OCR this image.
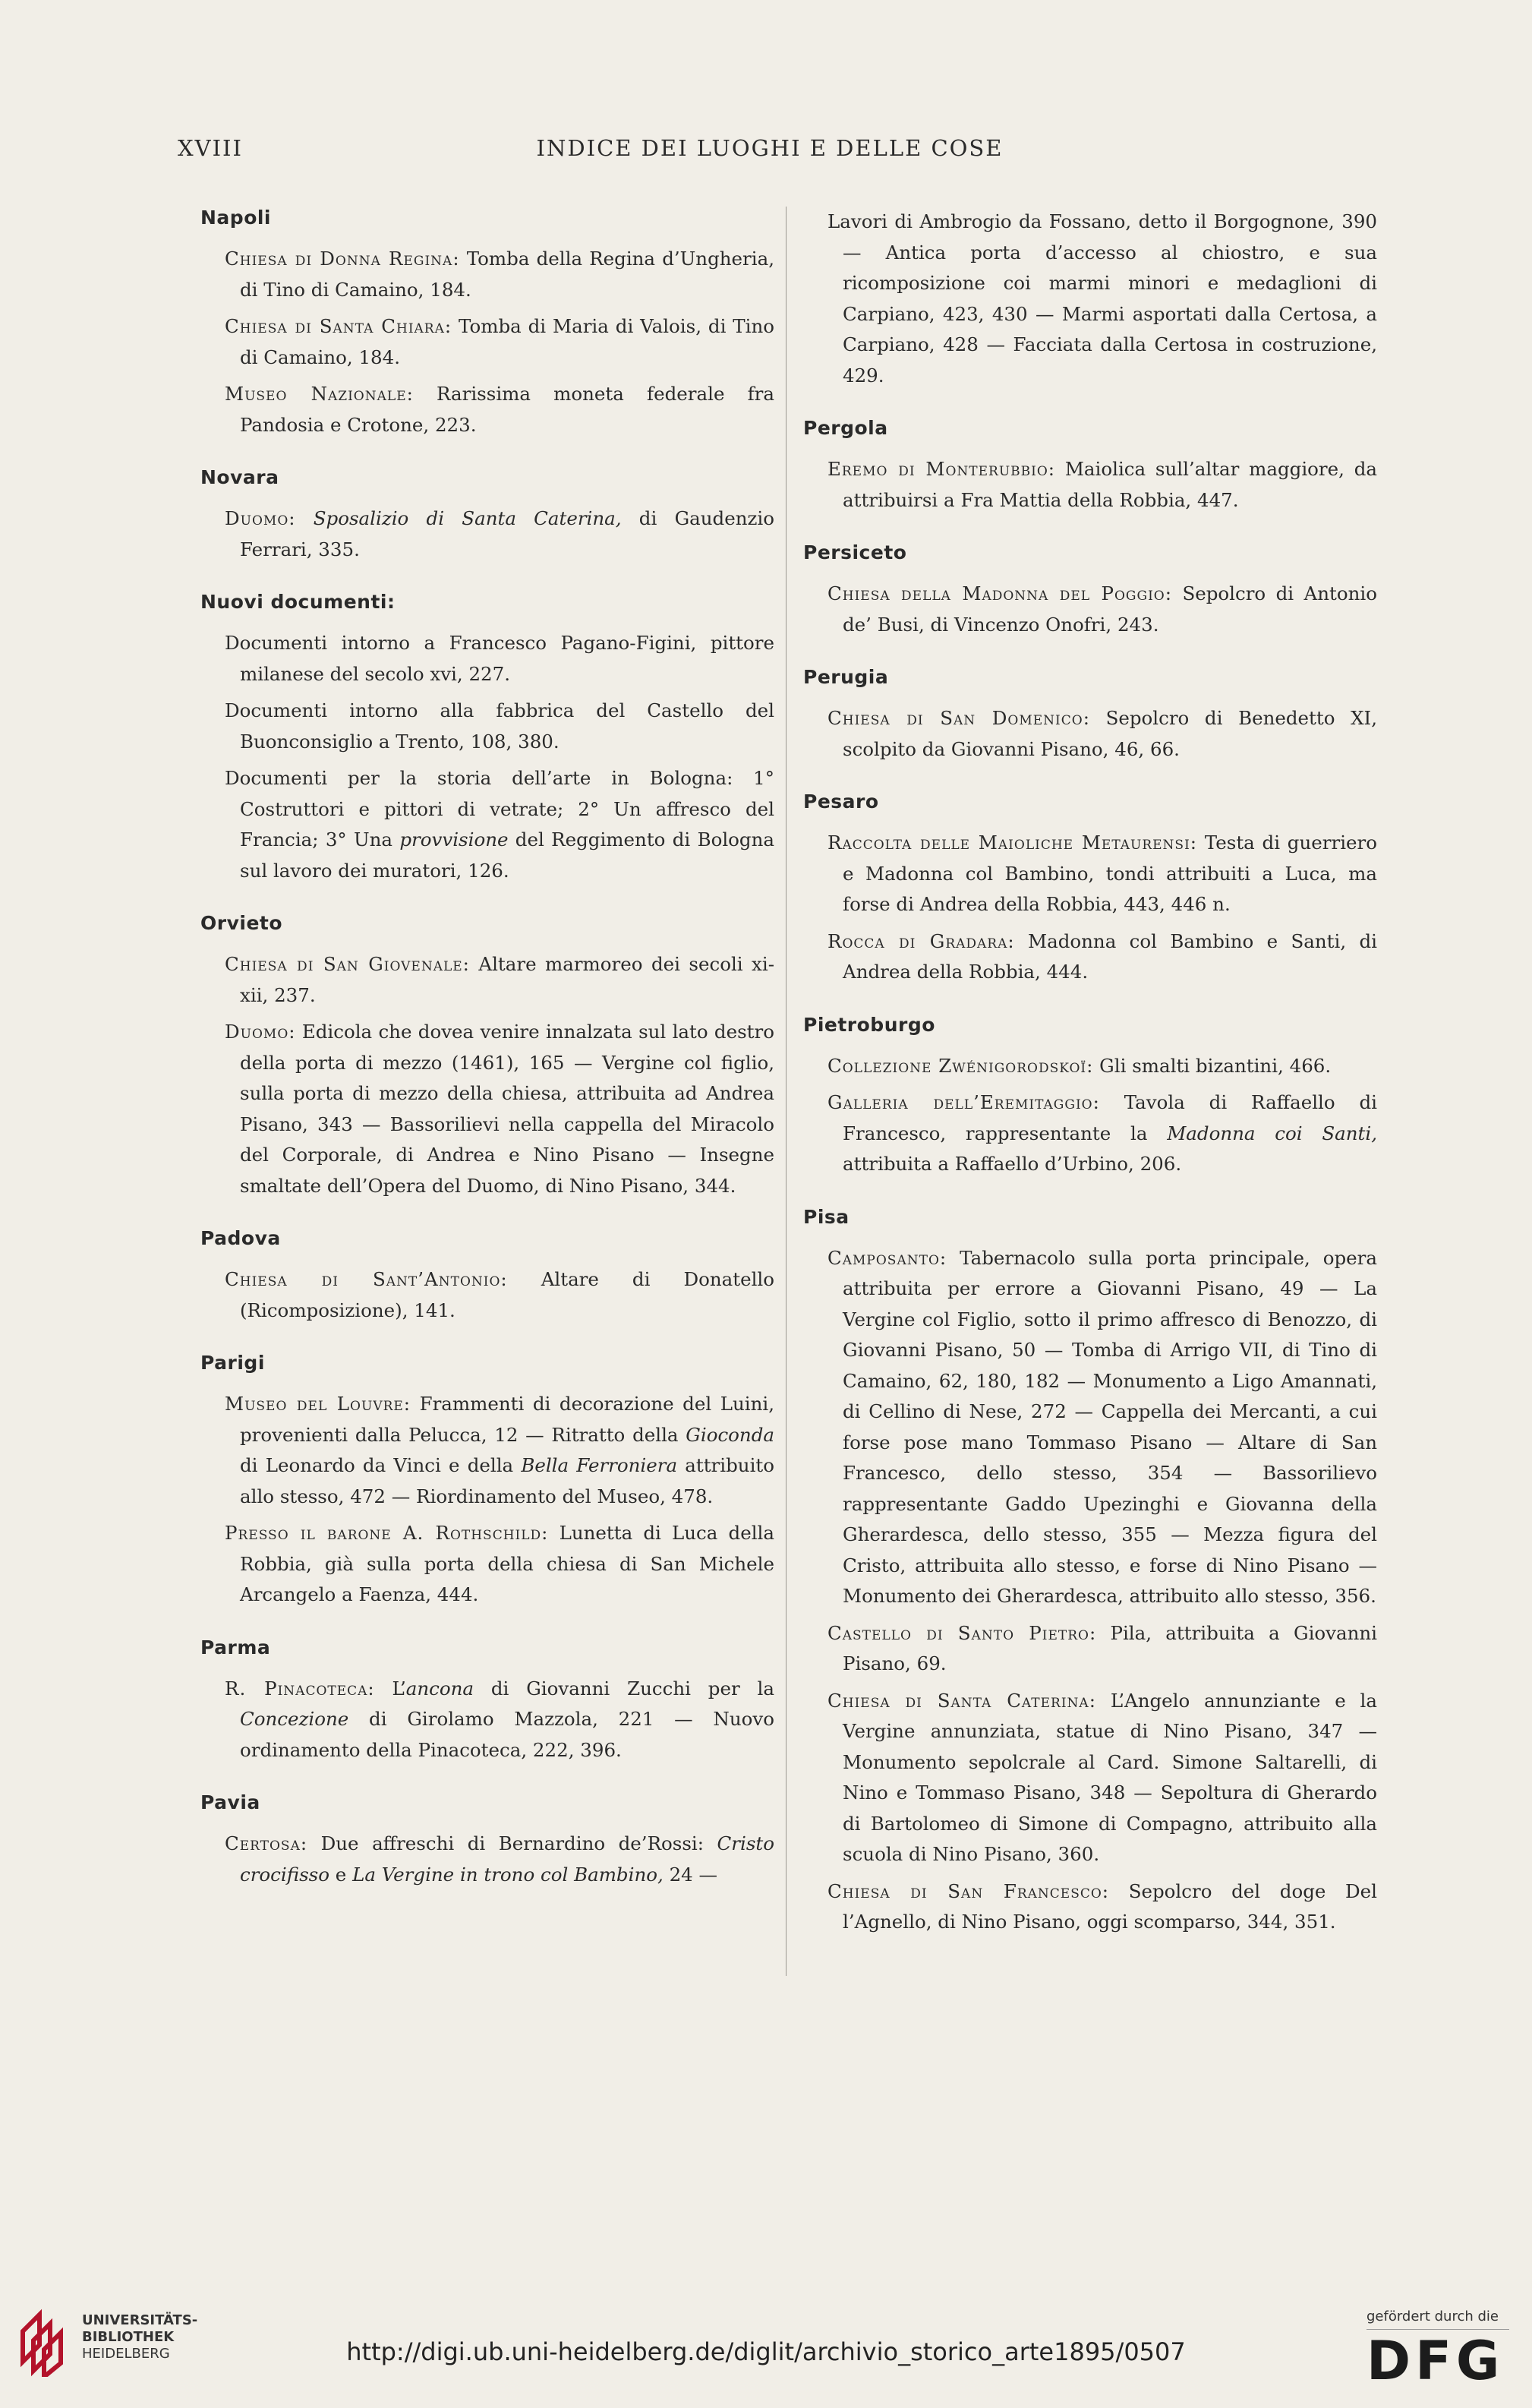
XVIII	INDICE DEI LUOGHI E DELLE COSE
Napoli
Chiesa di Donna Regina: Tomba della Regina d’Ungheria, di Tino di Camaino, 184.
Chiesa di Santa Chiara: Tomba di Maria di Valois, di Tino di Camaino, 184.
Museo Nazionale: Rarissima moneta federale fra Pandosia e Crotone, 223.
Novara
Duomo: Sposalizio di Santa Caterina, di Gaudenzio Ferrari, 335.
Nuovi documenti:
Documenti intorno a Francesco Pagano-Figini, pittore milanese del secolo xvi, 227.
Documenti intorno alla fabbrica del Castello del Buonconsiglio a Trento, 108, 380.
Documenti per la storia dell’arte in Bologna: 1° Costruttori e pittori di vetrate; 2° Un affresco del Francia; 3° Una provvisione del Reggimento di Bologna sul lavoro dei muratori, 126.
Orvieto
Chiesa di San Giovenale: Altare marmoreo dei secoli xi-xii, 237.
Duomo: Edicola che dovea venire innalzata sul lato destro della porta di mezzo (1461), 165 — Vergine col figlio, sulla porta di mezzo della chiesa, attribuita ad Andrea Pisano, 343 — Bassorilievi nella cappella del Miracolo del Corporale, di Andrea e Nino Pisano — Insegne smaltate dell’Opera del Duomo, di Nino Pisano, 344.
Padova
Chiesa di Sant’Antonio: Altare di Donatello (Ricomposizione), 141.
Parigi
Museo del Louvre: Frammenti di decorazione del Luini, provenienti dalla Pelucca, 12 — Ritratto della Gioconda di Leonardo da Vinci e della Bella Ferroniera attribuito allo stesso, 472 — Riordinamento del Museo, 478.
Presso il barone A. Rothschild: Lunetta di Luca della Robbia, già sulla porta della chiesa di San Michele Arcangelo a Faenza, 444.
Parma
R. Pinacoteca: L’ancona di Giovanni Zucchi per la Concezione di Girolamo Mazzola, 221 — Nuovo ordinamento della Pinacoteca, 222, 396.
Pavia
Certosa: Due affreschi di Bernardino de’Rossi: Cristo crocifisso e La Vergine in trono col Bambino, 24 —
Lavori di Ambrogio da Fossano, detto il Borgognone, 390 — Antica porta d’accesso al chiostro, e sua ricomposizione coi marmi minori e medaglioni di Carpiano, 423, 430 — Marmi asportati dalla Certosa, a Carpiano, 428 — Facciata dalla Certosa in costruzione, 429.
Pergola
Eremo di Monterubbio: Maiolica sull’altar maggiore, da attribuirsi a Fra Mattia della Robbia, 447.
Persiceto
Chiesa della Madonna del Poggio: Sepolcro di Antonio de’ Busi, di Vincenzo Onofri, 243.
Perugia
Chiesa di San Domenico: Sepolcro di Benedetto XI, scolpito da Giovanni Pisano, 46, 66.
Pesaro
Raccolta delle Maioliche Metaurensi: Testa di guerriero e Madonna col Bambino, tondi attribuiti a Luca, ma forse di Andrea della Robbia, 443, 446 n.
Rocca di Gradara: Madonna col Bambino e Santi, di Andrea della Robbia, 444.
Pietroburgo
Collezione Zwénigorodskoï: Gli smalti bizantini, 466.
Galleria dell’Eremitaggio: Tavola di Raffaello di Francesco, rappresentante la Madonna coi Santi, attribuita a Raffaello d’Urbino, 206.
Pisa
Camposanto: Tabernacolo sulla porta principale, opera attribuita per errore a Giovanni Pisano, 49 — La Vergine col Figlio, sotto il primo affresco di Benozzo, di Giovanni Pisano, 50 — Tomba di Arrigo VII, di Tino di Camaino, 62, 180, 182 — Monumento a Ligo Amannati, di Cellino di Nese, 272 — Cappella dei Mercanti, a cui forse pose mano Tommaso Pisano — Altare di San Francesco, dello stesso, 354 — Bassorilievo rappresentante Gaddo Upezinghi e Giovanna della Gherardesca, dello stesso, 355 — Mezza figura del Cristo, attribuita allo stesso, e forse di Nino Pisano — Monumento dei Gherardesca, attribuito allo stesso, 356.
Castello di Santo Pietro: Pila, attribuita a Giovanni Pisano, 69.
Chiesa di Santa Caterina: L’Angelo annunziante e la Vergine annunziata, statue di Nino Pisano, 347 — Monumento sepolcrale al Card. Simone Saltarelli, di Nino e Tommaso Pisano, 348 — Sepoltura di Gherardo di Bartolomeo di Simone di Compagno, attribuito alla scuola di Nino Pisano, 360.
Chiesa di San Francesco: Sepolcro del doge Del l’Agnello, di Nino Pisano, oggi scomparso, 344, 351.
UNIVERSITÄTS-
BIBLIOTHEK
HEIDELBERG	http://digi.ub.uni-heidelberg.de/diglit/archivio_storico_arte1895/0507
gefördert durch die
DFG
